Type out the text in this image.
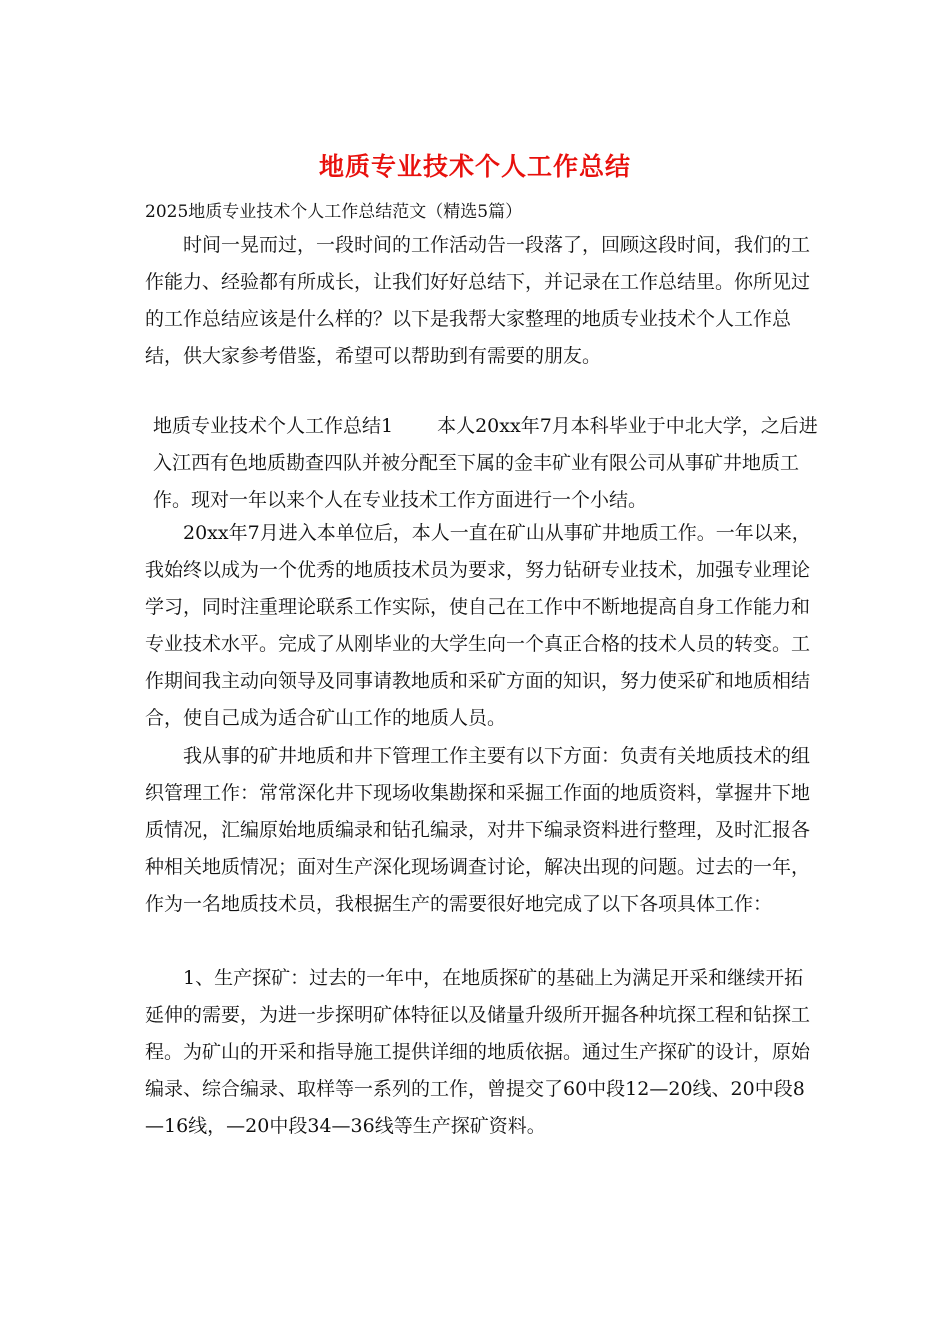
地质专业技术个人工作总结
2025地质专业技术个人工作总结范文（精选5篇）

时间一晃而过，一段时间的工作活动告一段落了，回顾这段时间，我们的工作能力、经验都有所成长，让我们好好总结下，并记录在工作总结里。你所见过的工作总结应该是什么样的？以下是我帮大家整理的地质专业技术个人工作总结，供大家参考借鉴，希望可以帮助到有需要的朋友。

地质专业技术个人工作总结1 本人20xx年7月本科毕业于中北大学，之后进入江西有色地质勘查四队并被分配至下属的金丰矿业有限公司从事矿井地质工作。现对一年以来个人在专业技术工作方面进行一个小结。

20xx年7月进入本单位后，本人一直在矿山从事矿井地质工作。一年以来，我始终以成为一个优秀的地质技术员为要求，努力钻研专业技术，加强专业理论学习，同时注重理论联系工作实际，使自己在工作中不断地提高自身工作能力和专业技术水平。完成了从刚毕业的大学生向一个真正合格的技术人员的转变。工作期间我主动向领导及同事请教地质和采矿方面的知识，努力使采矿和地质相结合，使自己成为适合矿山工作的地质人员。

我从事的矿井地质和井下管理工作主要有以下方面：负责有关地质技术的组织管理工作：常常深化井下现场收集勘探和采掘工作面的地质资料，掌握井下地质情况，汇编原始地质编录和钻孔编录，对井下编录资料进行整理，及时汇报各种相关地质情况；面对生产深化现场调查讨论，解决出现的问题。过去的一年，作为一名地质技术员，我根据生产的需要很好地完成了以下各项具体工作：

1、生产探矿：过去的一年中，在地质探矿的基础上为满足开采和继续开拓延伸的需要，为进一步探明矿体特征以及储量升级所开掘各种坑探工程和钻探工程。为矿山的开采和指导施工提供详细的地质依据。通过生产探矿的设计，原始编录、综合编录、取样等一系列的工作，曾提交了60中段12—20线、20中段8—16线，—20中段34—36线等生产探矿资料。
